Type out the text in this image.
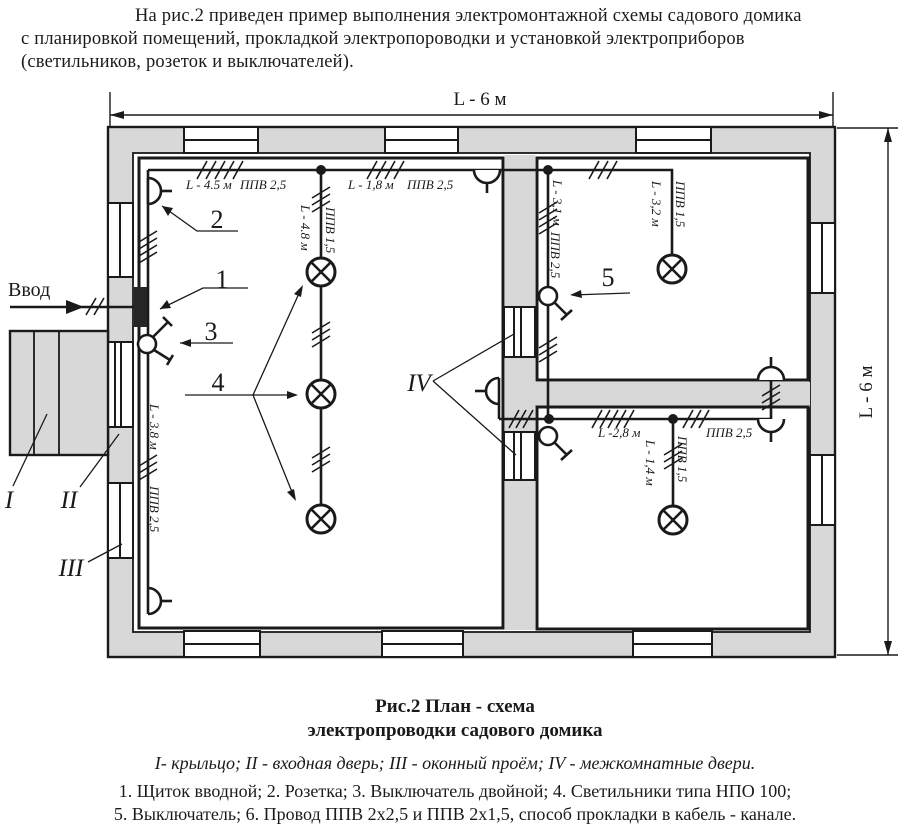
На рис.2 приведен пример выполнения электромонтажной схемы садового домика
с планировкой помещений, прокладкой электропороводки и установкой электроприборов
(светильников, розеток и выключателей).
L - 6 м
L - 6 м
Ввод	1
2
3
4
5
IV
I II
III
L - 4.5 м ППВ 2,5	L - 1,8 м ППВ 2,5
L - 4.8 м ППВ 1,5
L - 3.8 м
ППВ 2,5
L - 3,1 м
ППВ 2,5
L - 3,2 м ППВ 1,5
L -2,8 м	ППВ 2,5
L - 1,4 м ППВ 1,5
Рис.2 План - схема
электропроводки садового домика
I- крыльцо; II - входная дверь; III - оконный проём; IV - межкомнатные двери.
1. Щиток вводной; 2. Розетка; 3. Выключатель двойной; 4. Светильники типа НПО 100;
5. Выключатель; 6. Провод ППВ 2х2,5 и ППВ 2х1,5, способ прокладки в кабель - канале.
